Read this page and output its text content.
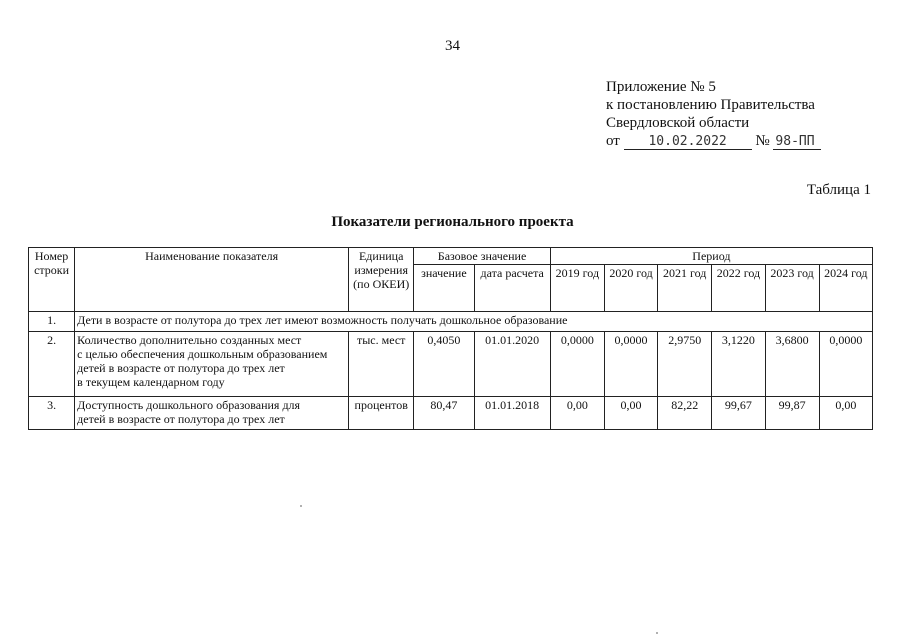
34
Приложение № 5
к постановлению Правительства
Свердловской области
от 10.02.2022 № 98-ПП
Таблица 1
Показатели регионального проекта
Номер строки	Наименование показателя	Единица измерения (по ОКЕИ)	Базовое значение		Период					
			значение	дата расчета	2019 год	2020 год	2021 год	2022 год	2023 год	2024 год
1.	Дети в возрасте от полутора до трех лет имеют возможность получать дошкольное образование									
2.	Количество дополнительно созданных мест
с целью обеспечения дошкольным образованием
детей в возрасте от полутора до трех лет
в текущем календарном году	тыс. мест	0,4050	01.01.2020	0,0000	0,0000	2,9750	3,1220	3,6800	0,0000
3.	Доступность дошкольного образования для
детей в возрасте от полутора до трех лет	процентов	80,47	01.01.2018	0,00	0,00	82,22	99,67	99,87	0,00
